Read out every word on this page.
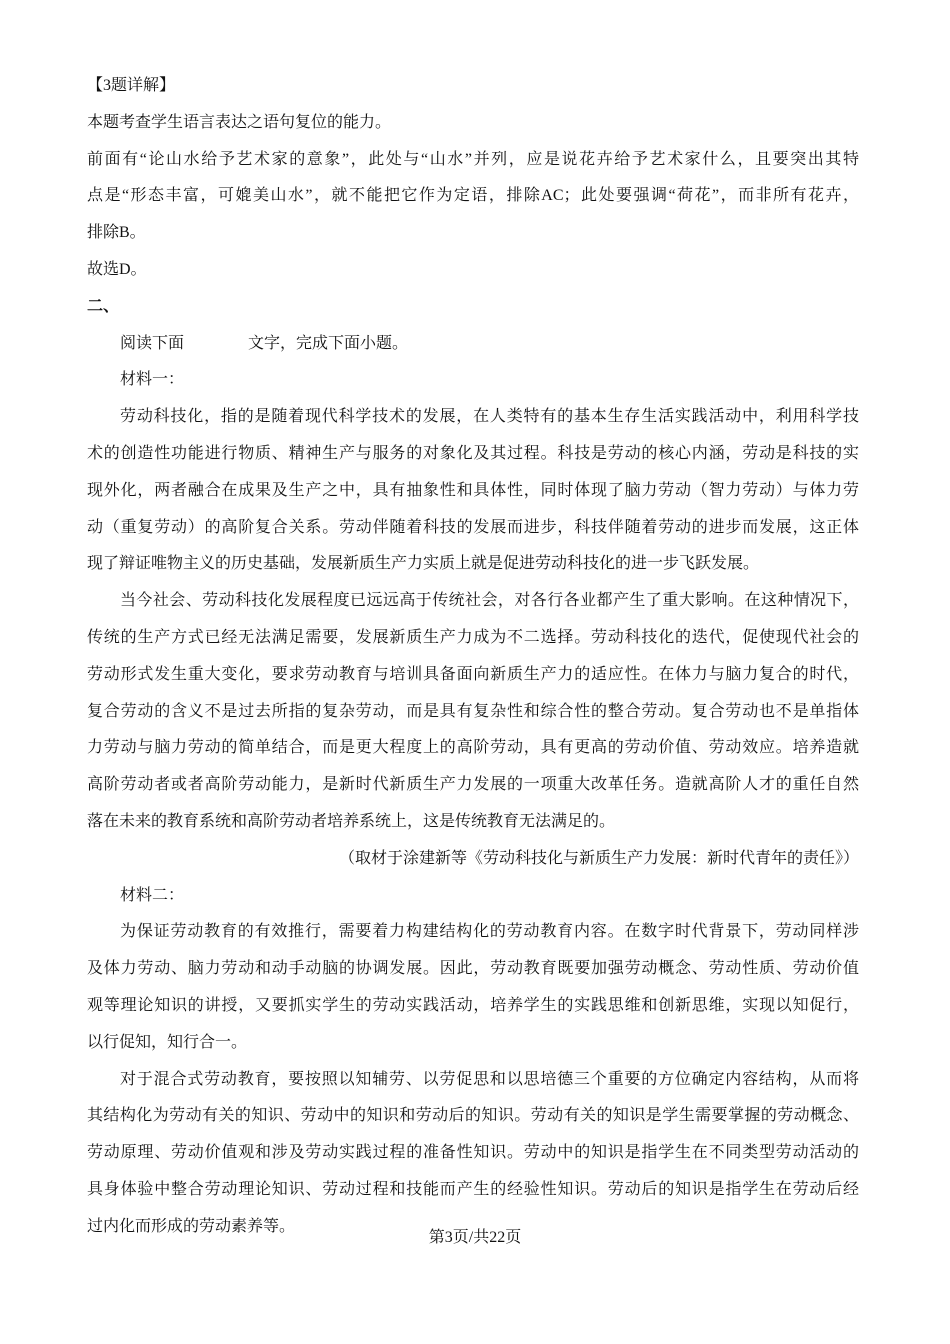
【3题详解】
本题考查学生语言表达之语句复位的能力。
前面有“论山水给予艺术家的意象”，此处与“山水”并列，应是说花卉给予艺术家什么，且要突出其特
点是“形态丰富，可媲美山水”，就不能把它作为定语，排除AC；此处要强调“荷花”，而非所有花卉，
排除B。
故选D。
二、
阅读下面	文字，完成下面小题。
材料一：
劳动科技化，指的是随着现代科学技术的发展，在人类特有的基本生存生活实践活动中，利用科学技
术的创造性功能进行物质、精神生产与服务的对象化及其过程。科技是劳动的核心内涵，劳动是科技的实
现外化，两者融合在成果及生产之中，具有抽象性和具体性，同时体现了脑力劳动（智力劳动）与体力劳
动（重复劳动）的高阶复合关系。劳动伴随着科技的发展而进步，科技伴随着劳动的进步而发展，这正体
现了辩证唯物主义的历史基础，发展新质生产力实质上就是促进劳动科技化的进一步飞跃发展。
当今社会、劳动科技化发展程度已远远高于传统社会，对各行各业都产生了重大影响。在这种情况下，
传统的生产方式已经无法满足需要，发展新质生产力成为不二选择。劳动科技化的迭代，促使现代社会的
劳动形式发生重大变化，要求劳动教育与培训具备面向新质生产力的适应性。在体力与脑力复合的时代，
复合劳动的含义不是过去所指的复杂劳动，而是具有复杂性和综合性的整合劳动。复合劳动也不是单指体
力劳动与脑力劳动的简单结合，而是更大程度上的高阶劳动，具有更高的劳动价值、劳动效应。培养造就
高阶劳动者或者高阶劳动能力，是新时代新质生产力发展的一项重大改革任务。造就高阶人才的重任自然
落在未来的教育系统和高阶劳动者培养系统上，这是传统教育无法满足的。
（取材于涂建新等《劳动科技化与新质生产力发展：新时代青年的责任》）
材料二：
为保证劳动教育的有效推行，需要着力构建结构化的劳动教育内容。在数字时代背景下，劳动同样涉
及体力劳动、脑力劳动和动手动脑的协调发展。因此，劳动教育既要加强劳动概念、劳动性质、劳动价值
观等理论知识的讲授，又要抓实学生的劳动实践活动，培养学生的实践思维和创新思维，实现以知促行，
以行促知，知行合一。
对于混合式劳动教育，要按照以知辅劳、以劳促思和以思培德三个重要的方位确定内容结构，从而将
其结构化为劳动有关的知识、劳动中的知识和劳动后的知识。劳动有关的知识是学生需要掌握的劳动概念、
劳动原理、劳动价值观和涉及劳动实践过程的准备性知识。劳动中的知识是指学生在不同类型劳动活动的
具身体验中整合劳动理论知识、劳动过程和技能而产生的经验性知识。劳动后的知识是指学生在劳动后经
过内化而形成的劳动素养等。
第3页/共22页
